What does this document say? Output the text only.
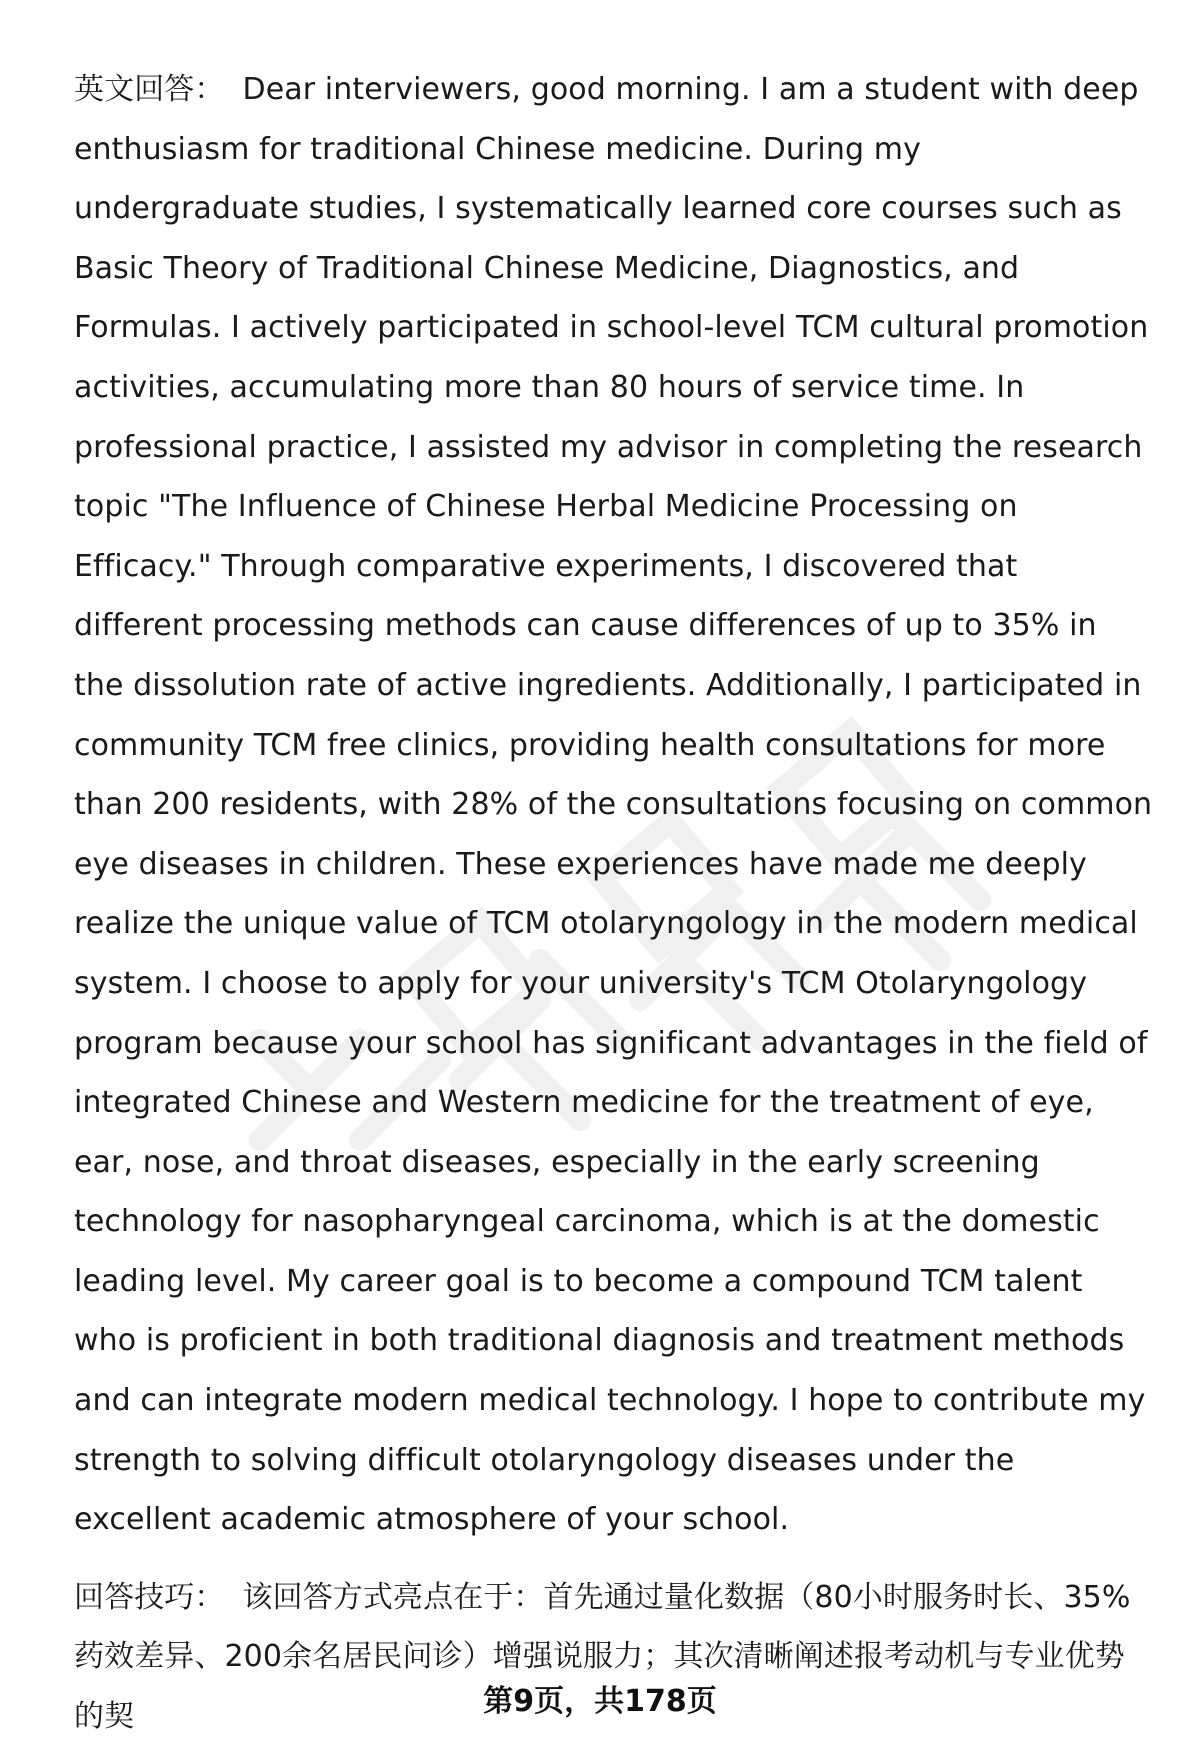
英文回答： Dear interviewers, good morning. I am a student with deep enthusiasm for traditional Chinese medicine. During my undergraduate studies, I systematically learned core courses such as Basic Theory of Traditional Chinese Medicine, Diagnostics, and Formulas. I actively participated in school-level TCM cultural promotion activities, accumulating more than 80 hours of service time. In professional practice, I assisted my advisor in completing the research topic "The Influence of Chinese Herbal Medicine Processing on Efficacy." Through comparative experiments, I discovered that different processing methods can cause differences of up to 35% in the dissolution rate of active ingredients. Additionally, I participated in community TCM free clinics, providing health consultations for more than 200 residents, with 28% of the consultations focusing on common eye diseases in children. These experiences have made me deeply realize the unique value of TCM otolaryngology in the modern medical system. I choose to apply for your university's TCM Otolaryngology program because your school has significant advantages in the field of integrated Chinese and Western medicine for the treatment of eye, ear, nose, and throat diseases, especially in the early screening technology for nasopharyngeal carcinoma, which is at the domestic leading level. My career goal is to become a compound TCM talent who is proficient in both traditional diagnosis and treatment methods and can integrate modern medical technology. I hope to contribute my strength to solving difficult otolaryngology diseases under the excellent academic atmosphere of your school.

回答技巧： 该回答方式亮点在于：首先通过量化数据（80小时服务时长、35%药效差异、200余名居民问诊）增强说服力；其次清晰阐述报考动机与专业优势的契	第9页，共178页
